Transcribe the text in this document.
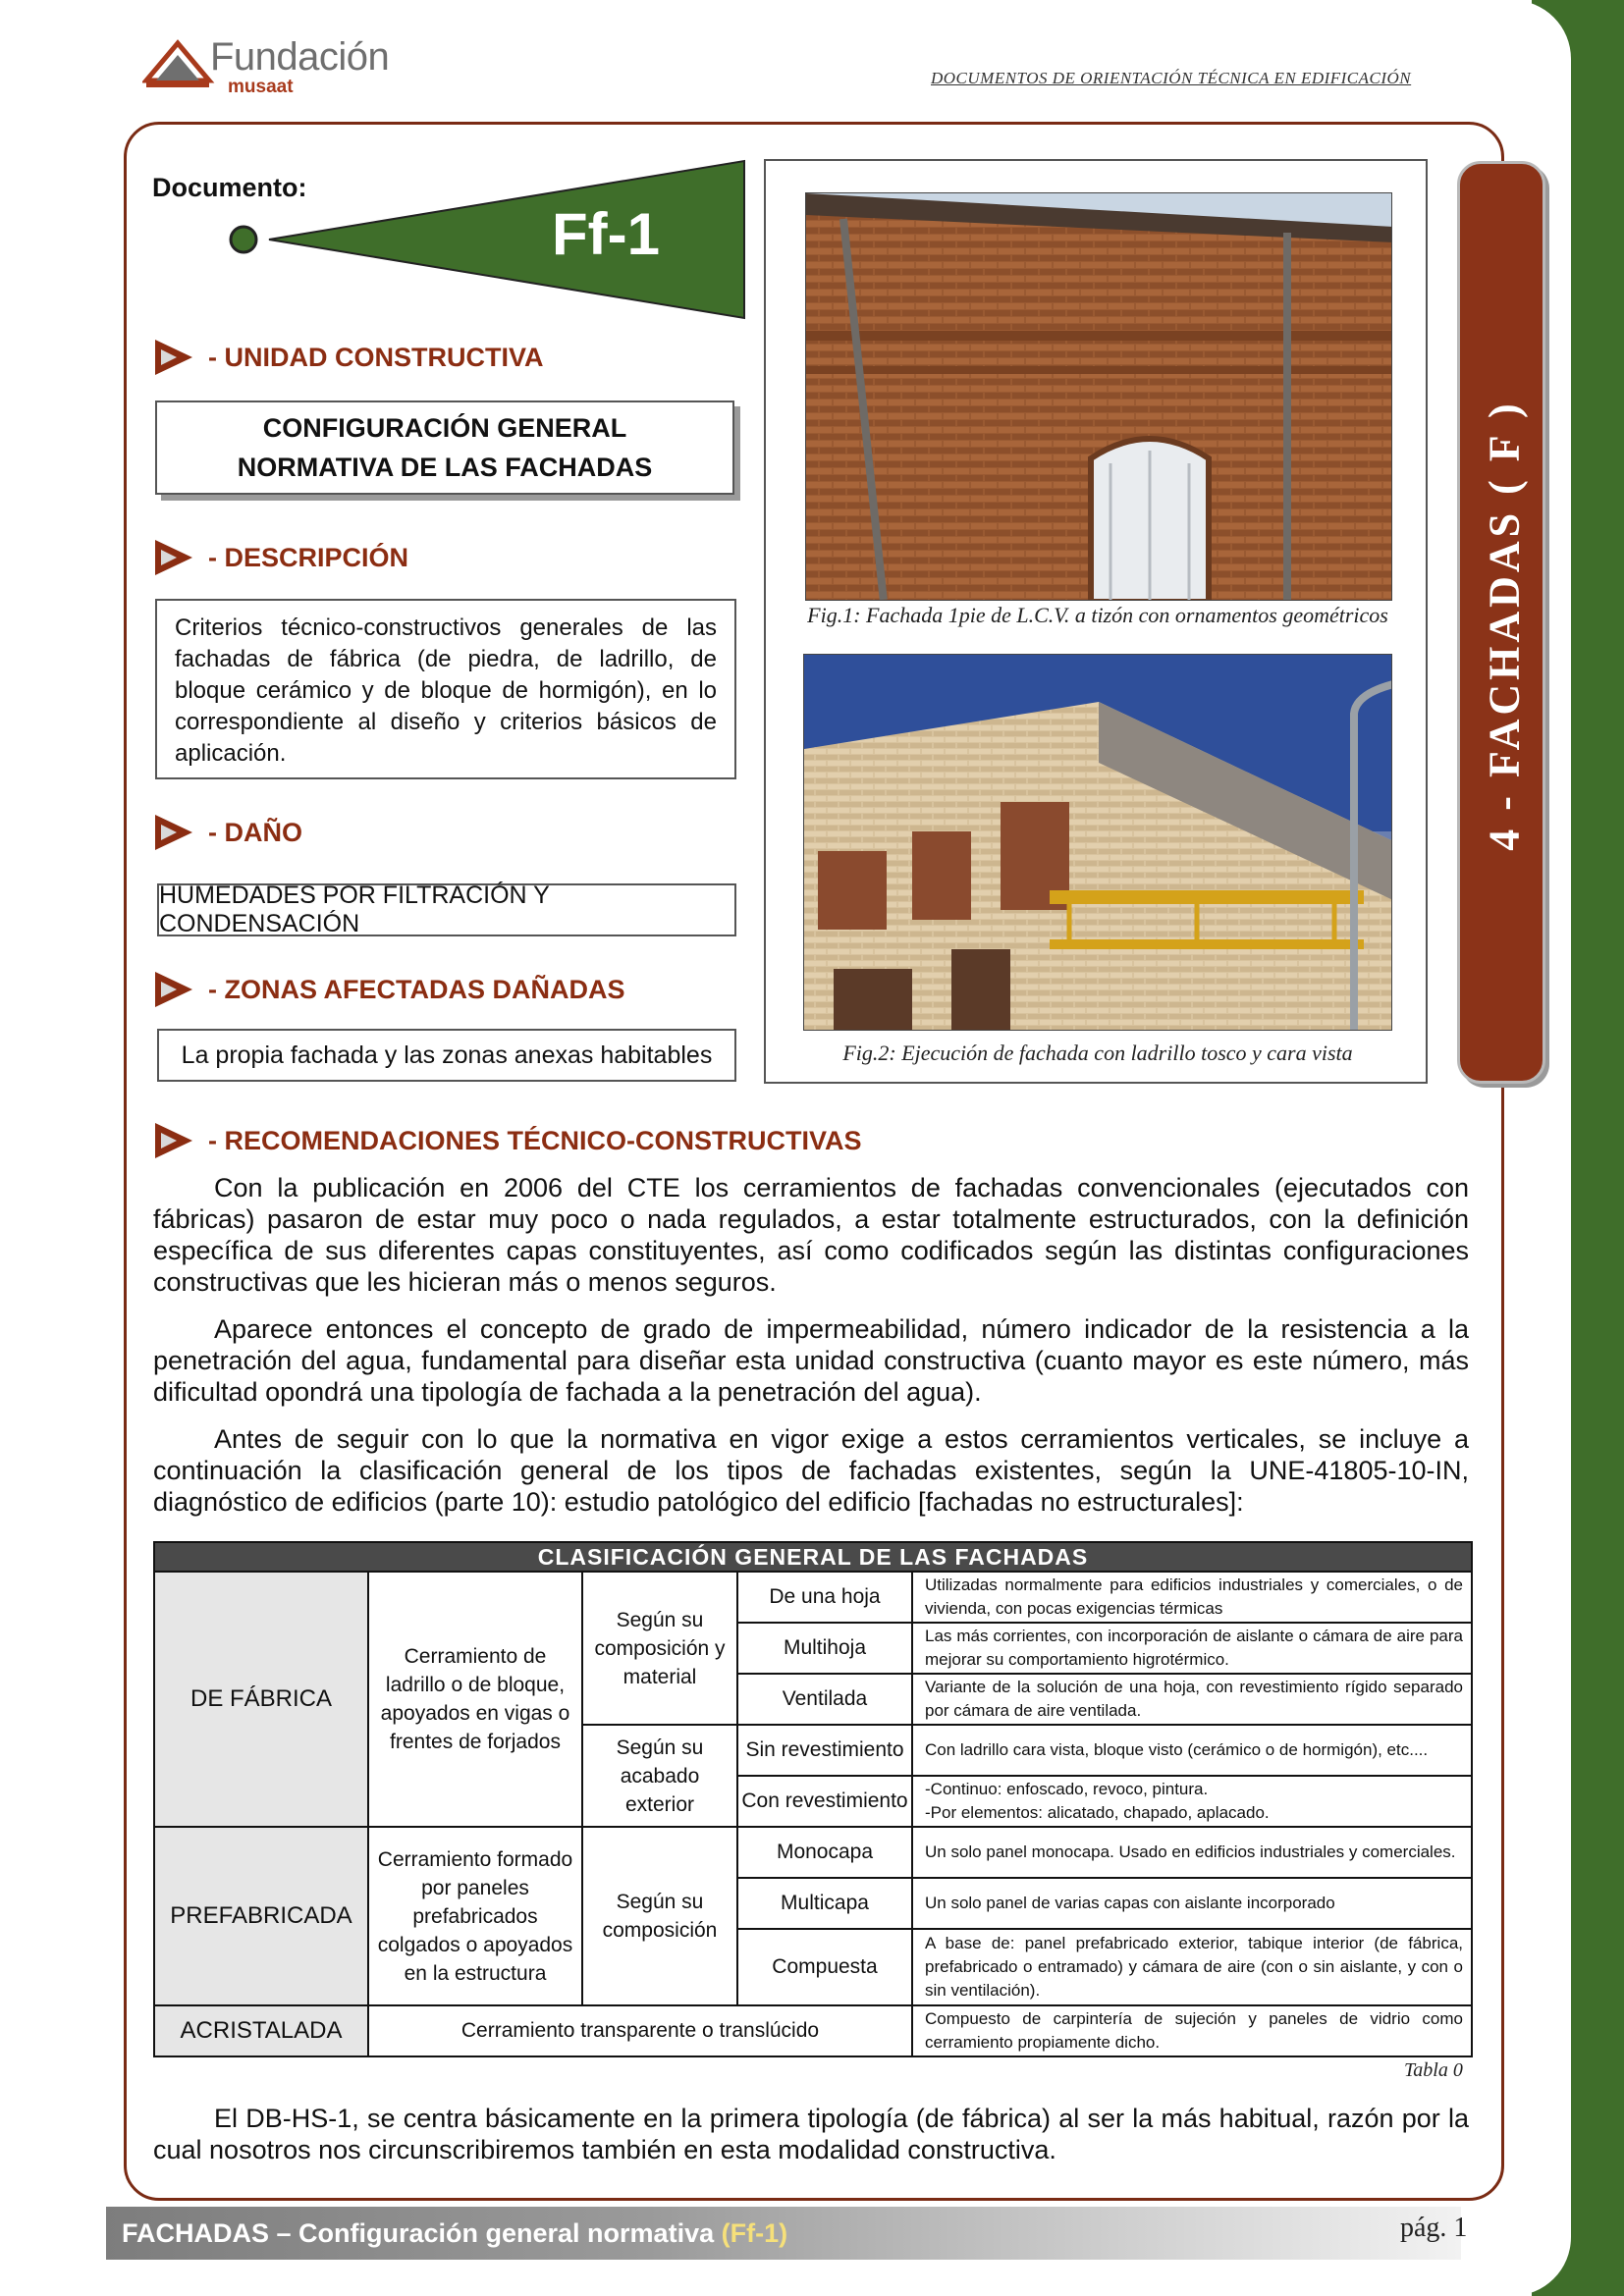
Fundación
musaat	DOCUMENTOS DE ORIENTACIÓN TÉCNICA EN EDIFICACIÓN
Documento:
Ff-1
- UNIDAD CONSTRUCTIVA
CONFIGURACIÓN GENERAL
NORMATIVA DE LAS FACHADAS
- DESCRIPCIÓN
Criterios técnico-constructivos generales de las fachadas de fábrica (de piedra, de ladrillo, de bloque cerámico y de bloque de hormigón), en lo correspondiente al diseño y criterios básicos de aplicación.
- DAÑO
HUMEDADES POR FILTRACIÓN Y CONDENSACIÓN
- ZONAS AFECTADAS DAÑADAS
La propia fachada y las zonas anexas habitables
Fig.1: Fachada 1pie de L.C.V. a tizón con ornamentos geométricos
Fig.2: Ejecución de fachada con ladrillo tosco y cara vista
4 - FACHADAS ( F )
- RECOMENDACIONES TÉCNICO-CONSTRUCTIVAS

Con la publicación en 2006 del CTE los cerramientos de fachadas convencionales (ejecutados con fábricas) pasaron de estar muy poco o nada regulados, a estar totalmente estructurados, con la definición específica de sus diferentes capas constituyentes, así como codificados según las distintas configuraciones constructivas que les hicieran más o menos seguros.

Aparece entonces el concepto de grado de impermeabilidad, número indicador de la resistencia a la penetración del agua, fundamental para diseñar esta unidad constructiva (cuanto mayor es este número, más dificultad opondrá una tipología de fachada a la penetración del agua).

Antes de seguir con lo que la normativa en vigor exige a estos cerramientos verticales, se incluye a continuación la clasificación general de los tipos de fachadas existentes, según la UNE-41805-10-IN, diagnóstico de edificios (parte 10): estudio patológico del edificio [fachadas no estructurales]:

CLASIFICACIÓN GENERAL DE LAS FACHADAS				
DE FÁBRICA	Cerramiento de ladrillo o de bloque, apoyados en vigas o frentes de forjados	Según su composición y material	De una hoja	Utilizadas normalmente para edificios industriales y comerciales, o de vivienda, con pocas exigencias térmicas
			Multihoja	Las más corrientes, con incorporación de aislante o cámara de aire para mejorar su comportamiento higrotérmico.
			Ventilada	Variante de la solución de una hoja, con revestimiento rígido separado por cámara de aire ventilada.
		Según su acabado exterior	Sin revestimiento	Con ladrillo cara vista, bloque visto (cerámico o de hormigón), etc....
			Con revestimiento	-Continuo: enfoscado, revoco, pintura.
-Por elementos: alicatado, chapado, aplacado.

PREFABRICADA	Cerramiento formado por paneles prefabricados colgados o apoyados en la estructura	Según su composición	Monocapa	Un solo panel monocapa. Usado en edificios industriales y comerciales.
			Multicapa	Un solo panel de varias capas con aislante incorporado
			Compuesta	A base de: panel prefabricado exterior, tabique interior (de fábrica, prefabricado o entramado) y cámara de aire (con o sin aislante, y con o sin ventilación).
ACRISTALADA	Cerramiento transparente o translúcido			Compuesto de carpintería de sujeción y paneles de vidrio como cerramiento propiamente dicho.
Tabla 0

El DB-HS-1, se centra básicamente en la primera tipología (de fábrica) al ser la más habitual, razón por la cual nosotros nos circunscribiremos también en esta modalidad constructiva.

FACHADAS – Configuración general normativa (Ff-1)	pág. 1
